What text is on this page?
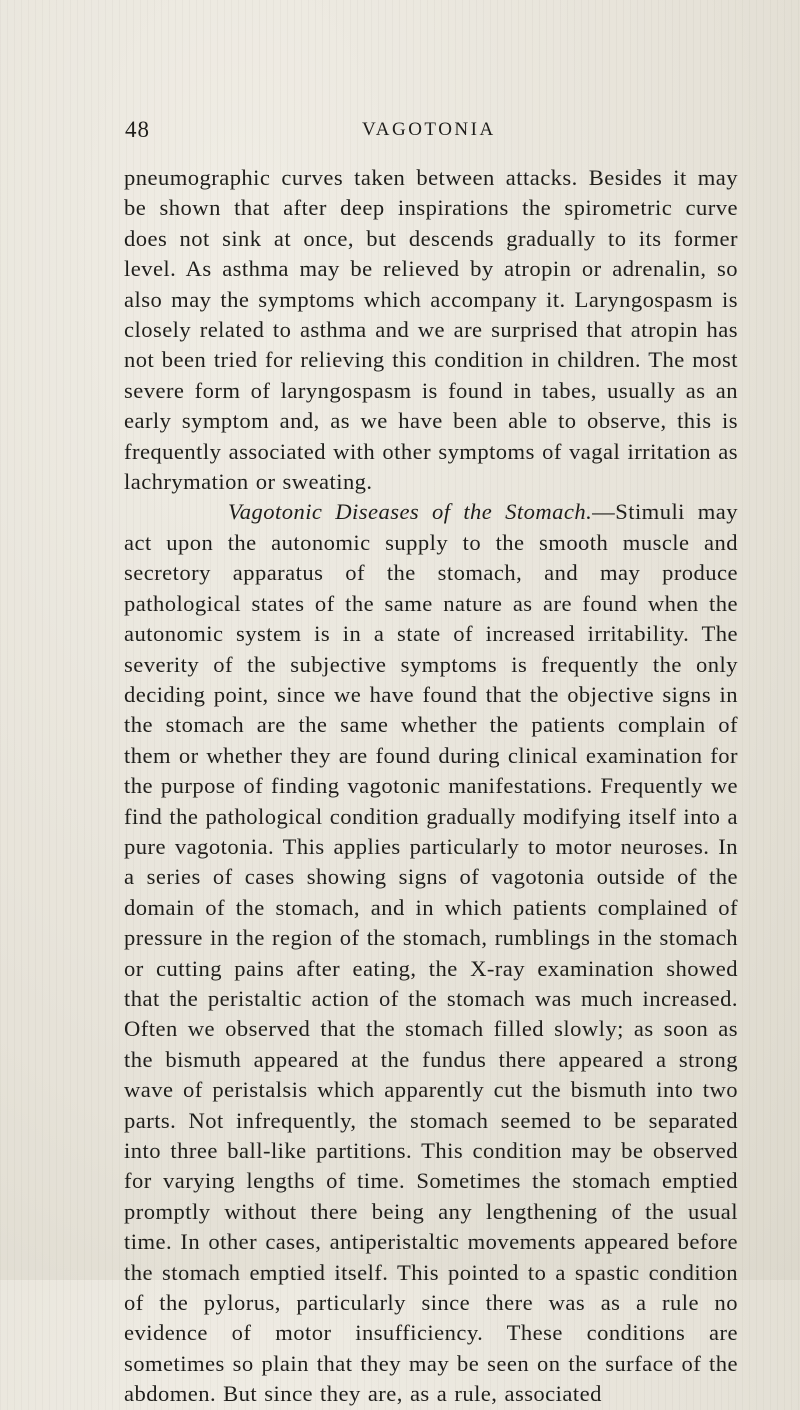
48	VAGOTONIA

pneumographic curves taken between attacks. Besides it may be shown that after deep inspirations the spirometric curve does not sink at once, but descends gradually to its former level. As asthma may be relieved by atropin or adrenalin, so also may the symptoms which accompany it. Laryngospasm is closely related to asthma and we are surprised that atropin has not been tried for relieving this condition in children. The most severe form of laryngospasm is found in tabes, usually as an early symptom and, as we have been able to observe, this is frequently associated with other symptoms of vagal irritation as lachrymation or sweating.

Vagotonic Diseases of the Stomach.—Stimuli may act upon the autonomic supply to the smooth muscle and secretory apparatus of the stomach, and may produce pathological states of the same nature as are found when the autonomic system is in a state of increased irritability. The severity of the subjective symptoms is frequently the only deciding point, since we have found that the objective signs in the stomach are the same whether the patients complain of them or whether they are found during clinical examination for the purpose of finding vagotonic manifestations. Frequently we find the pathological condition gradually modifying itself into a pure vagotonia. This applies particularly to motor neuroses. In a series of cases showing signs of vagotonia outside of the domain of the stomach, and in which patients complained of pressure in the region of the stomach, rumblings in the stomach or cutting pains after eating, the X-ray examination showed that the peristaltic action of the stomach was much increased. Often we observed that the stomach filled slowly; as soon as the bismuth appeared at the fundus there appeared a strong wave of peristalsis which apparently cut the bismuth into two parts. Not infrequently, the stomach seemed to be separated into three ball-like partitions. This condition may be observed for varying lengths of time. Sometimes the stomach emptied promptly without there being any lengthening of the usual time. In other cases, antiperistaltic movements appeared before the stomach emptied itself. This pointed to a spastic condition of the pylorus, particularly since there was as a rule no evidence of motor insufficiency. These conditions are sometimes so plain that they may be seen on the surface of the abdomen. But since they are, as a rule, associated
